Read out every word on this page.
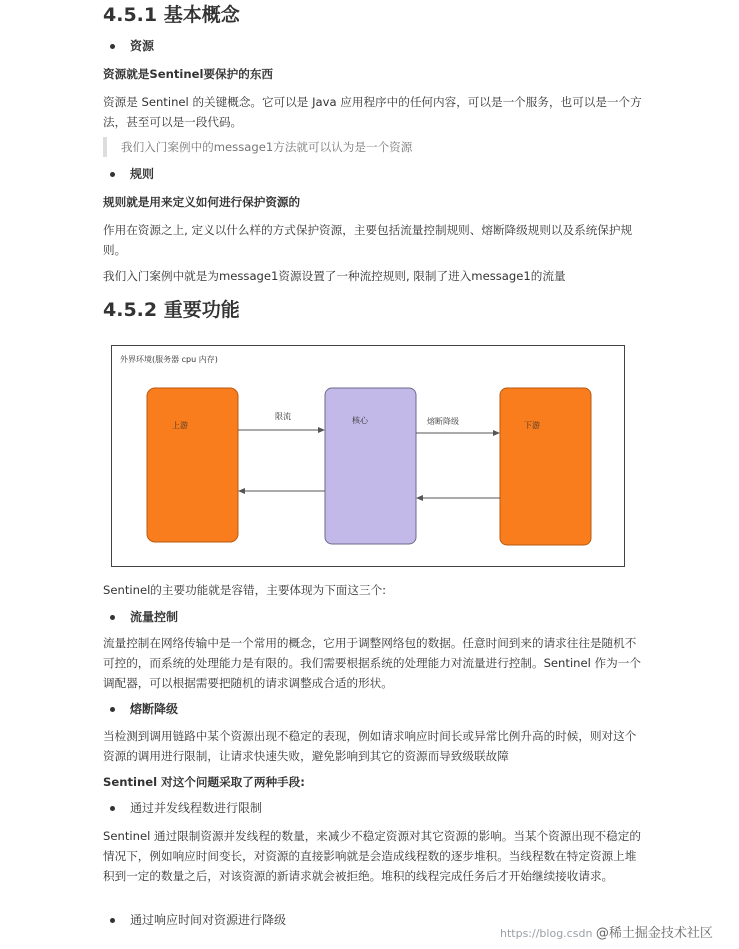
4.5.1 基本概念
资源
资源就是Sentinel要保护的东西
资源是 Sentinel 的关键概念。它可以是 Java 应用程序中的任何内容，可以是一个服务，也可以是一个方法，甚至可以是一段代码。
我们入门案例中的message1方法就可以认为是一个资源
规则
规则就是用来定义如何进行保护资源的
作用在资源之上, 定义以什么样的方式保护资源，主要包括流量控制规则、熔断降级规则以及系统保护规则。
我们入门案例中就是为message1资源设置了一种流控规则, 限制了进入message1的流量
4.5.2 重要功能
外界环境(服务器 cpu 内存)
上游
核心
下游
限流
熔断降级
Sentinel的主要功能就是容错，主要体现为下面这三个:
流量控制
流量控制在网络传输中是一个常用的概念，它用于调整网络包的数据。任意时间到来的请求往往是随机不可控的，而系统的处理能力是有限的。我们需要根据系统的处理能力对流量进行控制。Sentinel 作为一个调配器，可以根据需要把随机的请求调整成合适的形状。
熔断降级
当检测到调用链路中某个资源出现不稳定的表现，例如请求响应时间长或异常比例升高的时候，则对这个资源的调用进行限制，让请求快速失败，避免影响到其它的资源而导致级联故障
Sentinel 对这个问题采取了两种手段:
通过并发线程数进行限制
Sentinel 通过限制资源并发线程的数量，来减少不稳定资源对其它资源的影响。当某个资源出现不稳定的情况下，例如响应时间变长，对资源的直接影响就是会造成线程数的逐步堆积。当线程数在特定资源上堆积到一定的数量之后，对该资源的新请求就会被拒绝。堆积的线程完成任务后才开始继续接收请求。
通过响应时间对资源进行降级
https://blog.csdn @稀土掘金技术社区
